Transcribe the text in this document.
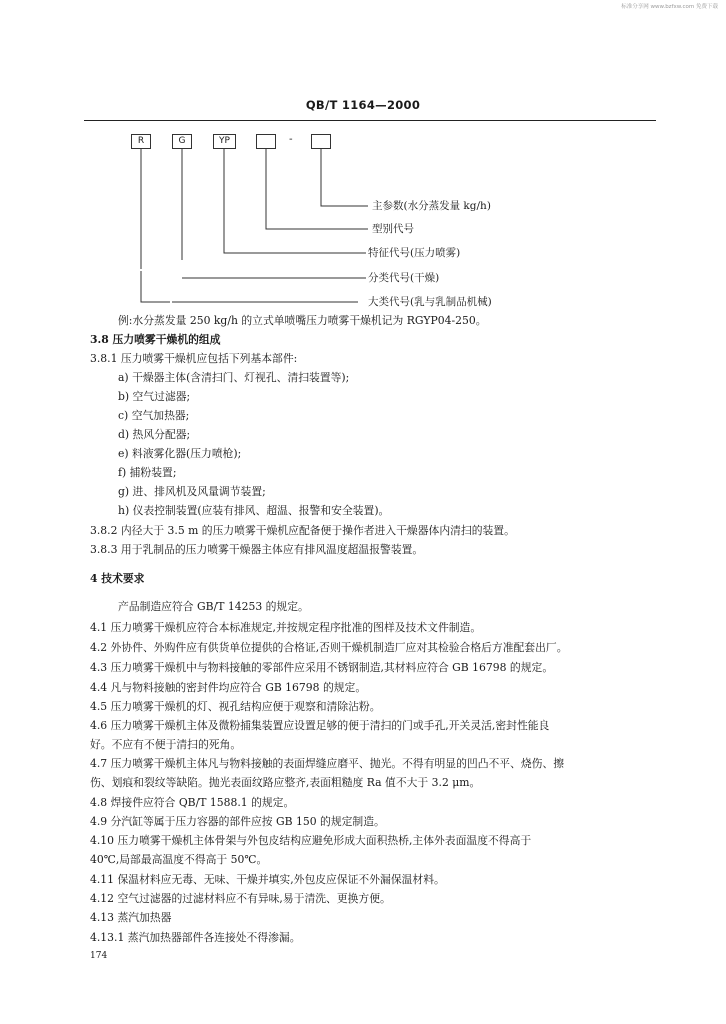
标准分享网 www.bzfxw.com 免费下载
QB/T 1164—2000
R	G	YP	-
主参数(水分蒸发量 kg/h)
型别代号
特征代号(压力喷雾)
分类代号(干燥)
大类代号(乳与乳制品机械)
例:水分蒸发量 250 kg/h 的立式单喷嘴压力喷雾干燥机记为 RGYP04-250。
3.8 压力喷雾干燥机的组成
3.8.1 压力喷雾干燥机应包括下列基本部件:
a) 干燥器主体(含清扫门、灯视孔、清扫装置等);
b) 空气过滤器;
c) 空气加热器;
d) 热风分配器;
e) 料液雾化器(压力喷枪);
f) 捕粉装置;
g) 进、排风机及风量调节装置;
h) 仪表控制装置(应装有排风、超温、报警和安全装置)。
3.8.2 内径大于 3.5 m 的压力喷雾干燥机应配备便于操作者进入干燥器体内清扫的装置。
3.8.3 用于乳制品的压力喷雾干燥器主体应有排风温度超温报警装置。
4 技术要求
产品制造应符合 GB/T 14253 的规定。
4.1 压力喷雾干燥机应符合本标准规定,并按规定程序批准的图样及技术文件制造。
4.2 外协件、外购件应有供货单位提供的合格证,否则干燥机制造厂应对其检验合格后方准配套出厂。
4.3 压力喷雾干燥机中与物料接触的零部件应采用不锈钢制造,其材料应符合 GB 16798 的规定。
4.4 凡与物料接触的密封件均应符合 GB 16798 的规定。
4.5 压力喷雾干燥机的灯、视孔结构应便于观察和清除沾粉。
4.6 压力喷雾干燥机主体及微粉捕集装置应设置足够的便于清扫的门或手孔,开关灵活,密封性能良
好。不应有不便于清扫的死角。
4.7 压力喷雾干燥机主体凡与物料接触的表面焊缝应磨平、抛光。不得有明显的凹凸不平、烧伤、擦
伤、划痕和裂纹等缺陷。抛光表面纹路应整齐,表面粗糙度 Ra 值不大于 3.2 μm。
4.8 焊接件应符合 QB/T 1588.1 的规定。
4.9 分汽缸等属于压力容器的部件应按 GB 150 的规定制造。
4.10 压力喷雾干燥机主体骨架与外包皮结构应避免形成大面积热桥,主体外表面温度不得高于
40℃,局部最高温度不得高于 50℃。
4.11 保温材料应无毒、无味、干燥并填实,外包皮应保证不外漏保温材料。
4.12 空气过滤器的过滤材料应不有异味,易于清洗、更换方便。
4.13 蒸汽加热器
4.13.1 蒸汽加热器部件各连接处不得渗漏。
174
